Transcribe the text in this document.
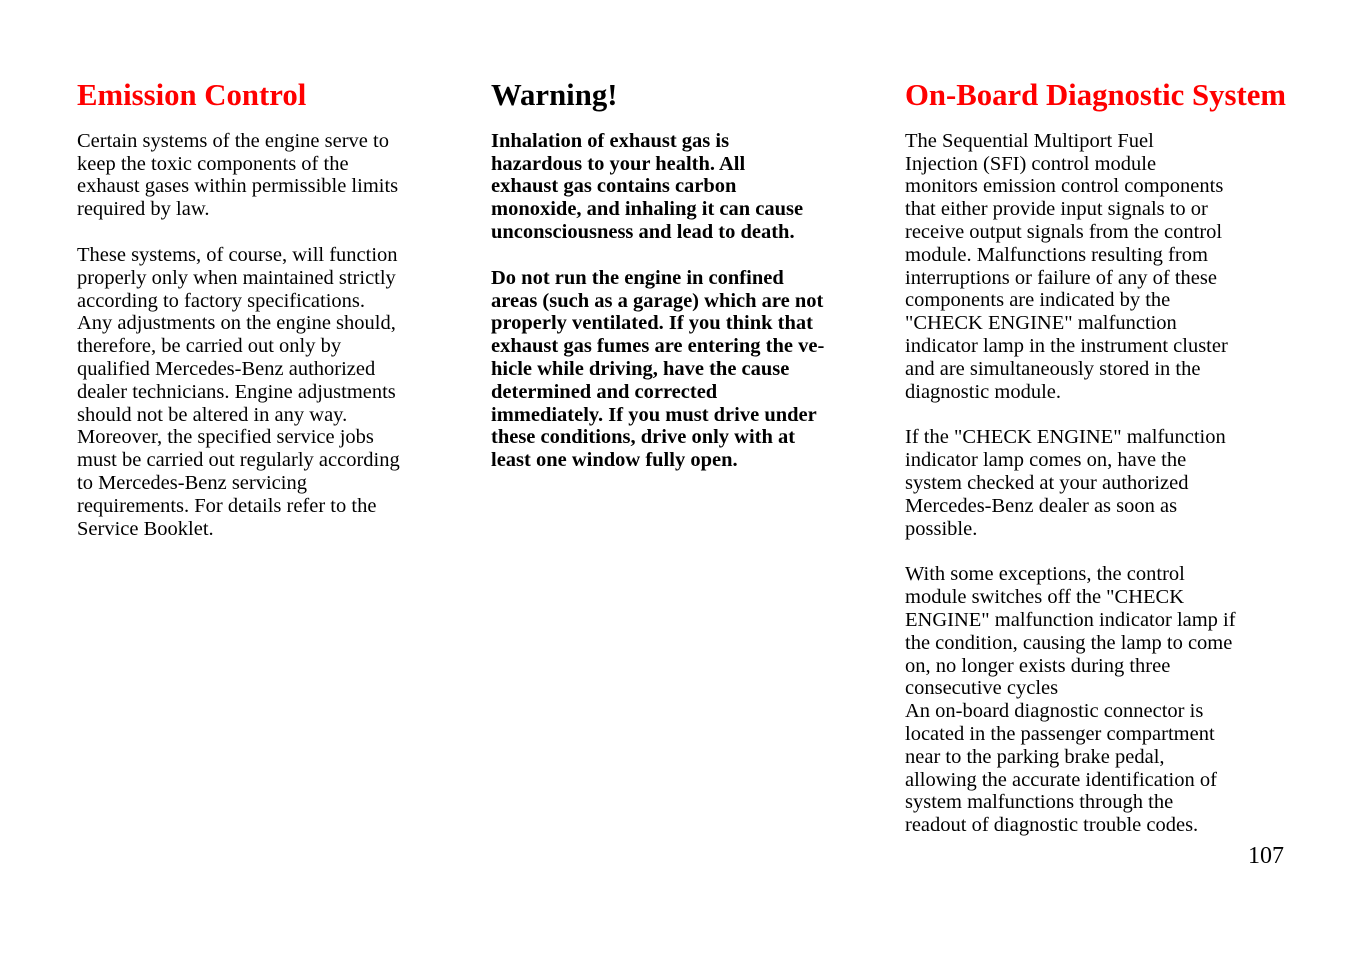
Emission Control

Certain systems of the engine serve to
keep the toxic components of the
exhaust gases within permissible limits
required by law.

These systems, of course, will function
properly only when maintained strictly
according to factory specifications.
Any adjustments on the engine should,
therefore, be carried out only by
qualified Mercedes-Benz authorized
dealer technicians. Engine adjustments
should not be altered in any way.
Moreover, the specified service jobs
must be carried out regularly according
to Mercedes-Benz servicing
requirements. For details refer to the
Service Booklet.

Warning!

Inhalation of exhaust gas is
hazardous to your health. All
exhaust gas contains carbon
monoxide, and inhaling it can cause
unconsciousness and lead to death.

Do not run the engine in confined
areas (such as a garage) which are not
properly ventilated. If you think that
exhaust gas fumes are entering the ve-
hicle while driving, have the cause
determined and corrected
immediately. If you must drive under
these conditions, drive only with at
least one window fully open.

On-Board Diagnostic System

The Sequential Multiport Fuel
Injection (SFI) control module
monitors emission control components
that either provide input signals to or
receive output signals from the control
module. Malfunctions resulting from
interruptions or failure of any of these
components are indicated by the
"CHECK ENGINE" malfunction
indicator lamp in the instrument cluster
and are simultaneously stored in the
diagnostic module.

If the "CHECK ENGINE" malfunction
indicator lamp comes on, have the
system checked at your authorized
Mercedes-Benz dealer as soon as
possible.

With some exceptions, the control
module switches off the "CHECK
ENGINE" malfunction indicator lamp if
the condition, causing the lamp to come
on, no longer exists during three
consecutive cycles

An on-board diagnostic connector is
located in the passenger compartment
near to the parking brake pedal,
allowing the accurate identification of
system malfunctions through the
readout of diagnostic trouble codes.

107
